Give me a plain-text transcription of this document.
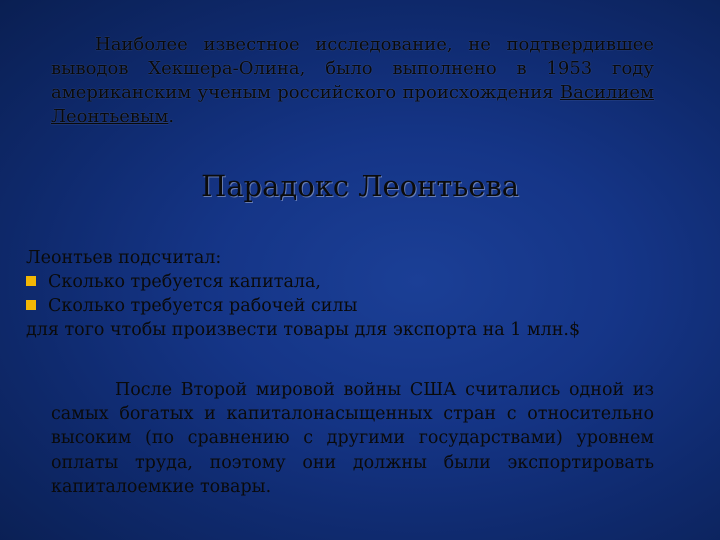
Наиболее известное исследование, не подтвердившее выводов Хекшера-Олина, было выполнено в 1953 году американским ученым российского происхождения Василием Леонтьевым.
Парадокс Леонтьева
Леонтьев подсчитал:
Сколько требуется капитала,
Сколько требуется рабочей силы
для того чтобы произвести товары для экспорта на 1 млн.$
После Второй мировой войны США считались одной из самых богатых и капиталонасыщенных стран с относительно высоким (по сравнению с другими государствами) уровнем оплаты труда, поэтому они должны были экспортировать капиталоемкие товары.
